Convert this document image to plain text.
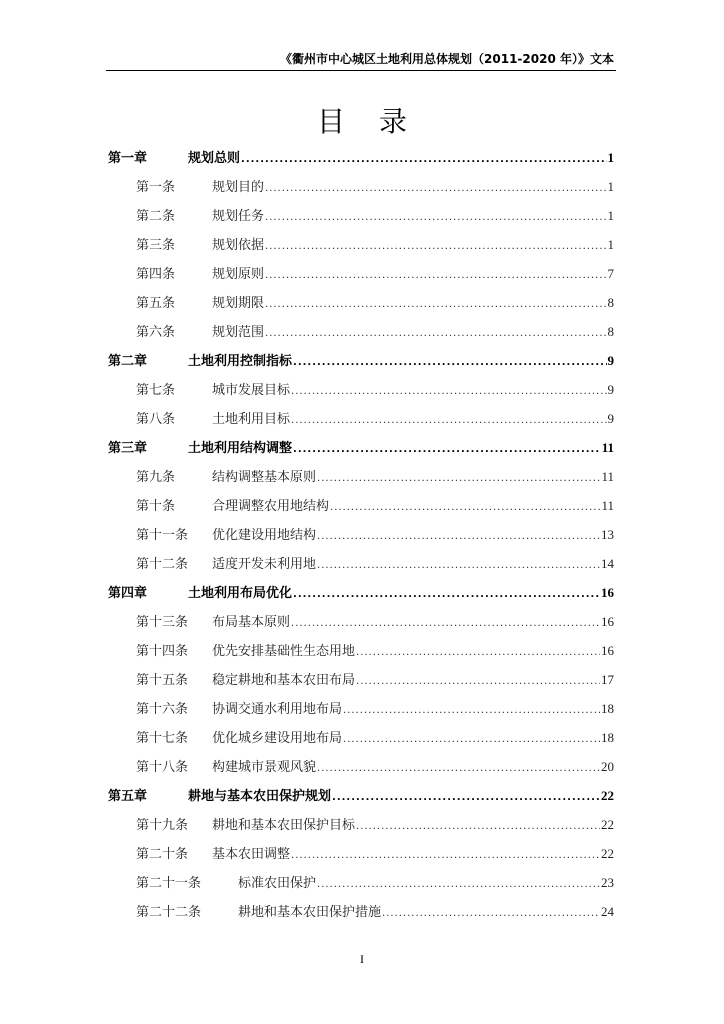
《衢州市中心城区土地利用总体规划（2011-2020 年）》文本
目录
第一章	规划总则 .....	1
第一条	规划目的 .....	1
第二条	规划任务 .....	1
第三条	规划依据 .....	1
第四条	规划原则 .....	7
第五条	规划期限 .....	8
第六条	规划范围 .....	8
第二章	土地利用控制指标 .....	9
第七条	城市发展目标 .....	9
第八条	土地利用目标 .....	9
第三章	土地利用结构调整 .....	11
第九条	结构调整基本原则 .....	11
第十条	合理调整农用地结构 .....	11
第十一条	优化建设用地结构 .....	13
第十二条	适度开发未利用地 .....	14
第四章	土地利用布局优化 .....	16
第十三条	布局基本原则 .....	16
第十四条	优先安排基础性生态用地 .....	16
第十五条	稳定耕地和基本农田布局 .....	17
第十六条	协调交通水利用地布局 .....	18
第十七条	优化城乡建设用地布局 .....	18
第十八条	构建城市景观风貌 .....	20
第五章	耕地与基本农田保护规划 .....	22
第十九条	耕地和基本农田保护目标 .....	22
第二十条	基本农田调整 .....	22
第二十一条	标准农田保护 .....	23
第二十二条	耕地和基本农田保护措施 .....	24
I
